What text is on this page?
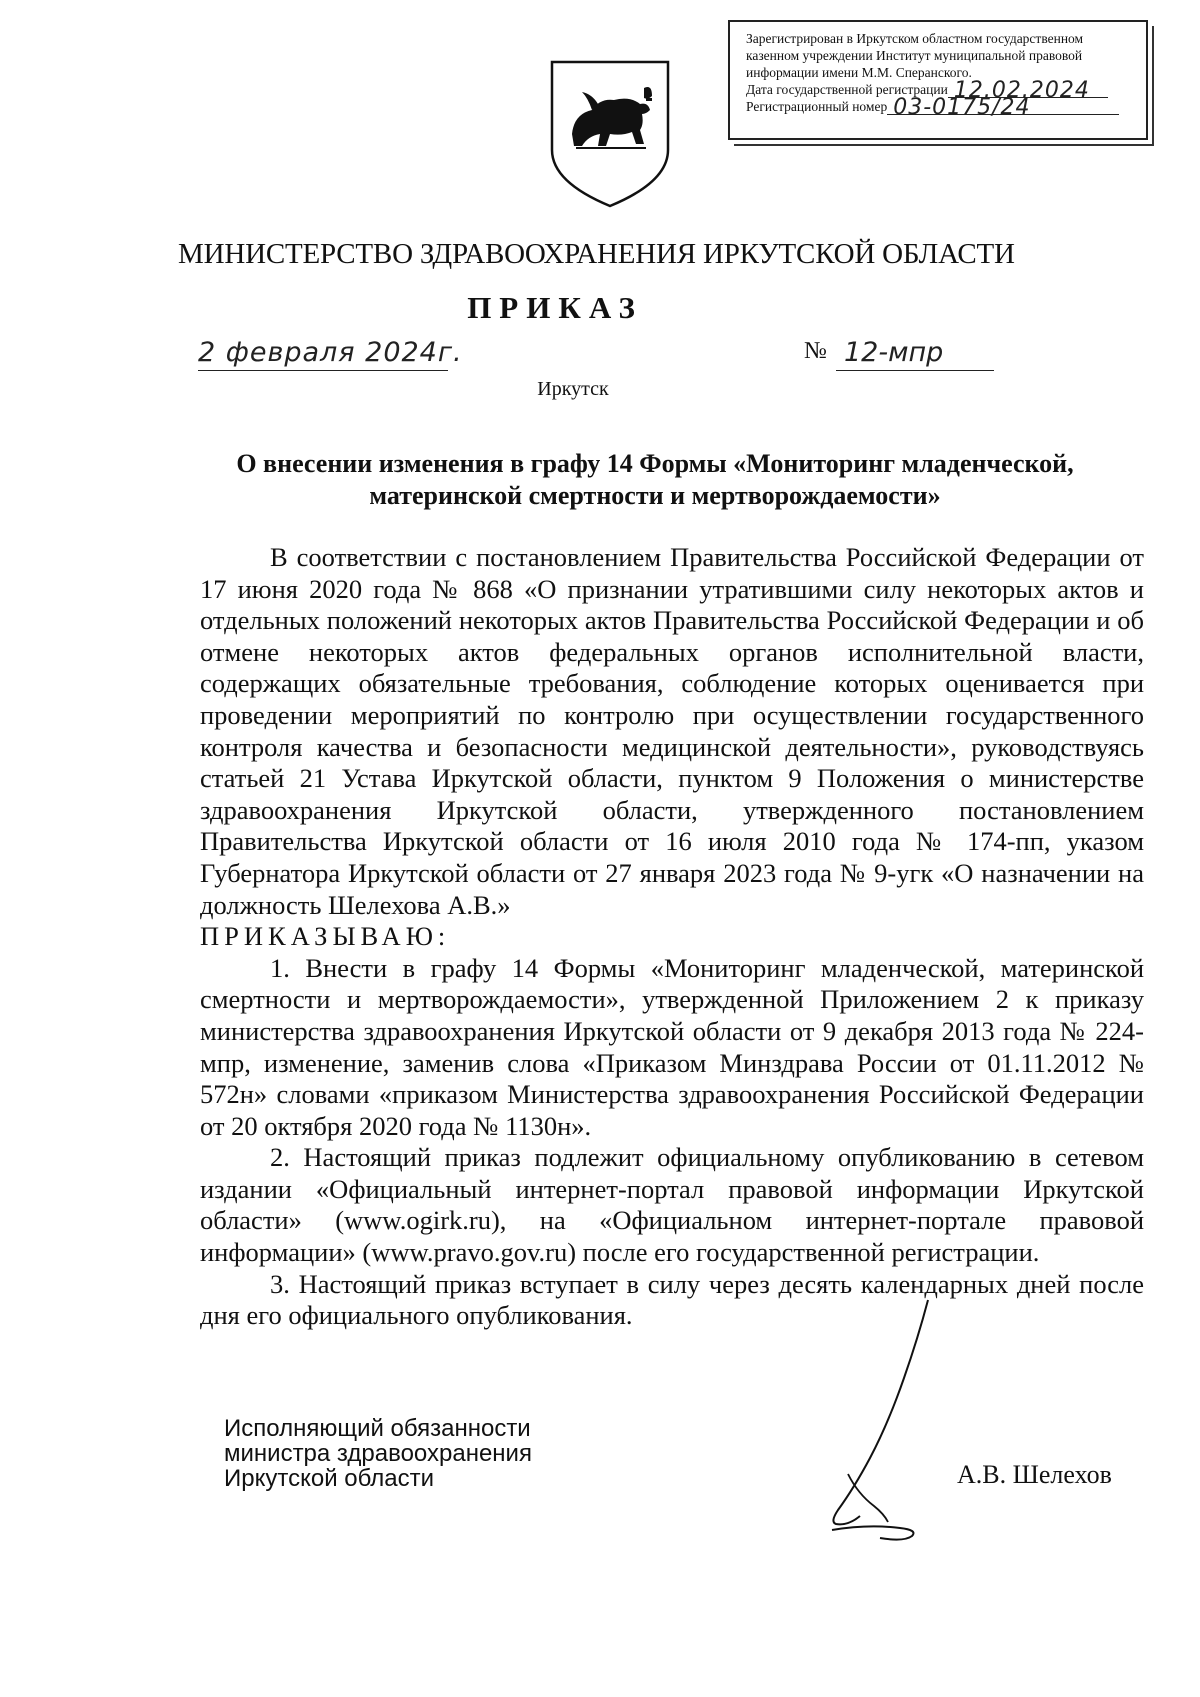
Зарегистрирован в Иркутском областном государственном
казенном учреждении Институт муниципальной правовой
информации имени М.М. Сперанского.
Дата государственной регистрации 12.02.2024
Регистрационный номер 03-0175/24
МИНИСТЕРСТВО ЗДРАВООХРАНЕНИЯ ИРКУТСКОЙ ОБЛАСТИ
ПРИКАЗ
2 февраля 2024г.	№ 12-мпр
Иркутск
О внесении изменения в графу 14 Формы «Мониторинг младенческой,
материнской смертности и мертворождаемости»

В соответствии с постановлением Правительства Российской Федерации от 17 июня 2020 года № 868 «О признании утратившими силу некоторых актов и отдельных положений некоторых актов Правительства Российской Федерации и об отмене некоторых актов федеральных органов исполнительной власти, содержащих обязательные требования, соблюдение которых оценивается при проведении мероприятий по контролю при осуществлении государственного контроля качества и безопасности медицинской деятельности», руководствуясь статьей 21 Устава Иркутской области, пунктом 9 Положения о министерстве здравоохранения Иркутской области, утвержденного постановлением Правительства Иркутской области от 16 июля 2010 года № 174-пп, указом Губернатора Иркутской области от 27 января 2023 года № 9-угк «О назначении на должность Шелехова А.В.»

ПРИКАЗЫВАЮ:

1. Внести в графу 14 Формы «Мониторинг младенческой, материнской смертности и мертворождаемости», утвержденной Приложением 2 к приказу министерства здравоохранения Иркутской области от 9 декабря 2013 года № 224-мпр, изменение, заменив слова «Приказом Минздрава России от 01.11.2012 № 572н» словами «приказом Министерства здравоохранения Российской Федерации от 20 октября 2020 года № 1130н».

2. Настоящий приказ подлежит официальному опубликованию в сетевом издании «Официальный интернет-портал правовой информации Иркутской области» (www.ogirk.ru), на «Официальном интернет-портале правовой информации» (www.pravo.gov.ru) после его государственной регистрации.

3. Настоящий приказ вступает в силу через десять календарных дней после дня его официального опубликования.

Исполняющий обязанности
министра здравоохранения
Иркутской области	А.В. Шелехов
